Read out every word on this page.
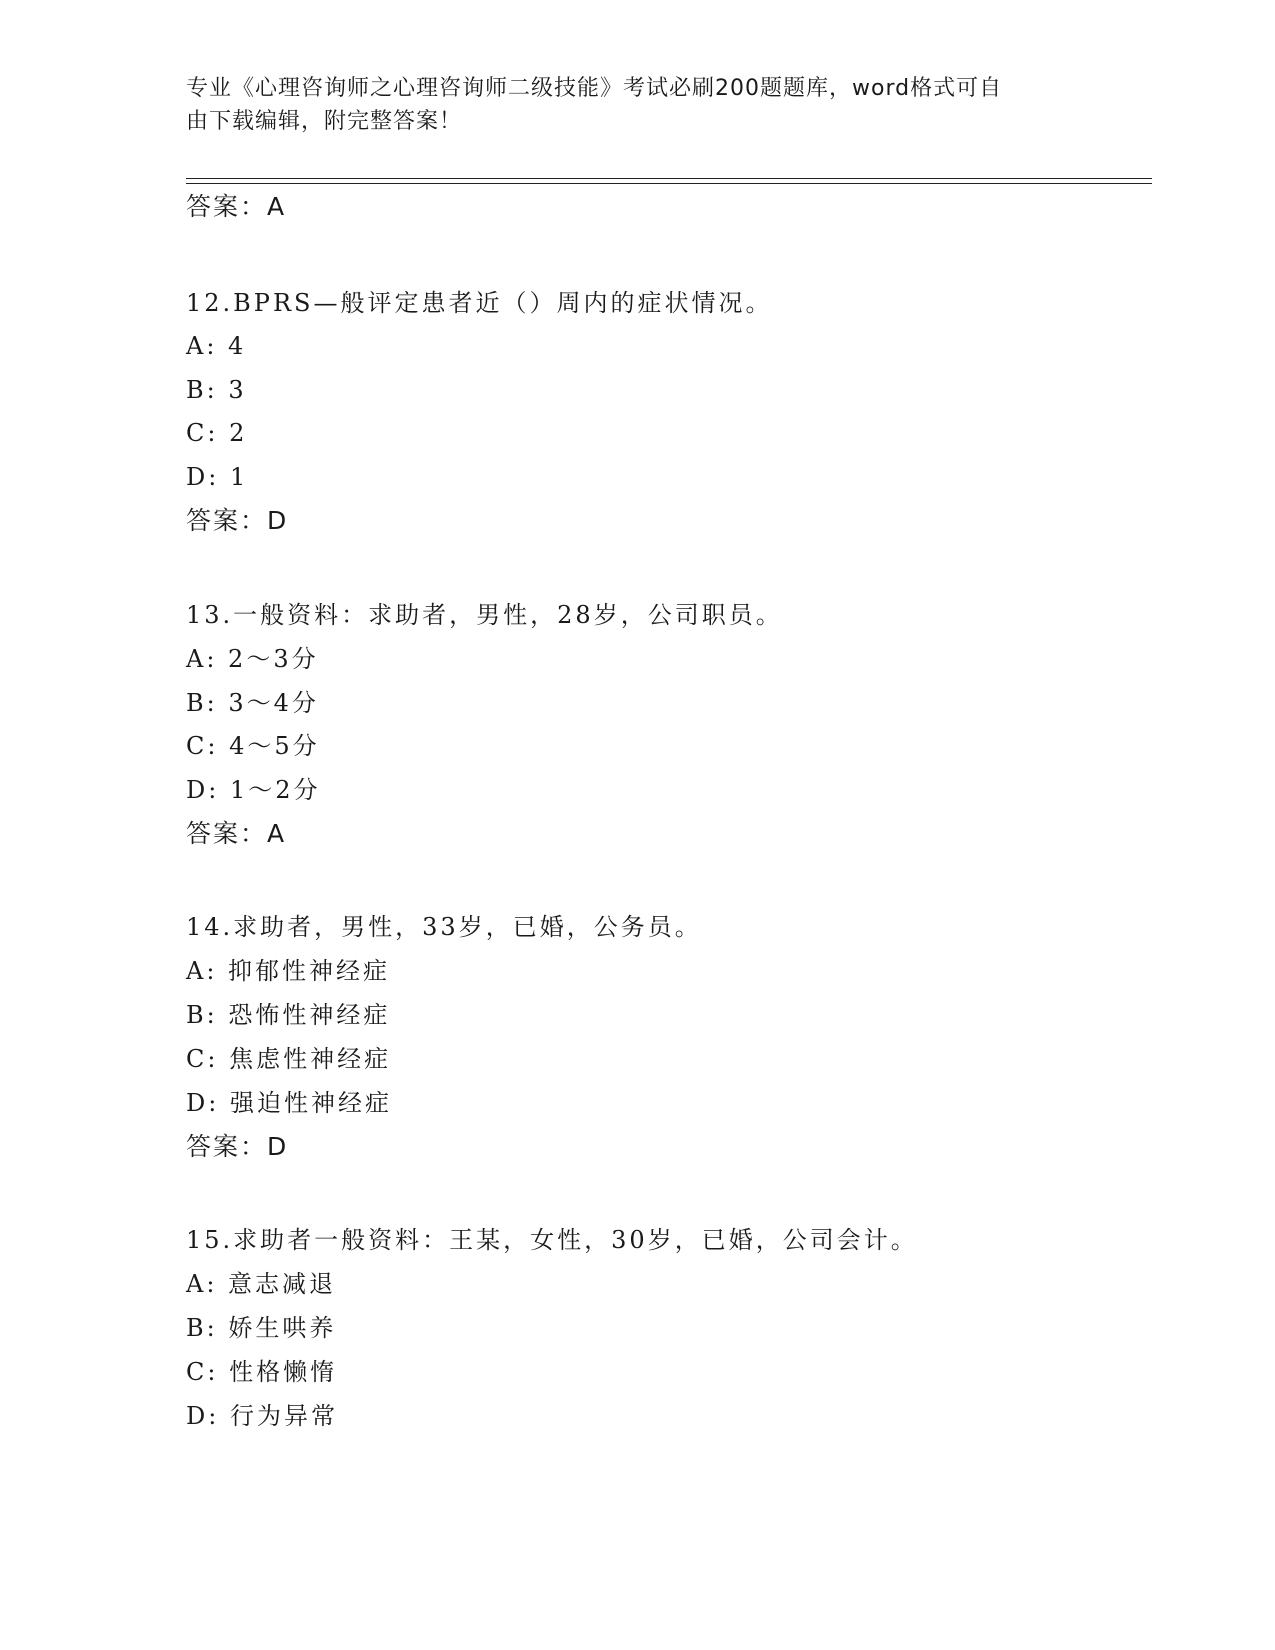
专业《心理咨询师之心理咨询师二级技能》考试必刷200题题库，word格式可自
由下载编辑，附完整答案！
答案：A
12.BPRS—般评定患者近（）周内的症状情况。
A: 4
B: 3
C: 2
D: 1
答案：D
13.一般资料：求助者，男性，28岁，公司职员。
A: 2～3分
B: 3～4分
C: 4～5分
D: 1～2分
答案：A
14.求助者，男性，33岁，已婚，公务员。
A: 抑郁性神经症
B: 恐怖性神经症
C: 焦虑性神经症
D: 强迫性神经症
答案：D
15.求助者一般资料：王某，女性，30岁，已婚，公司会计。
A: 意志减退
B: 娇生哄养
C: 性格懒惰
D: 行为异常
